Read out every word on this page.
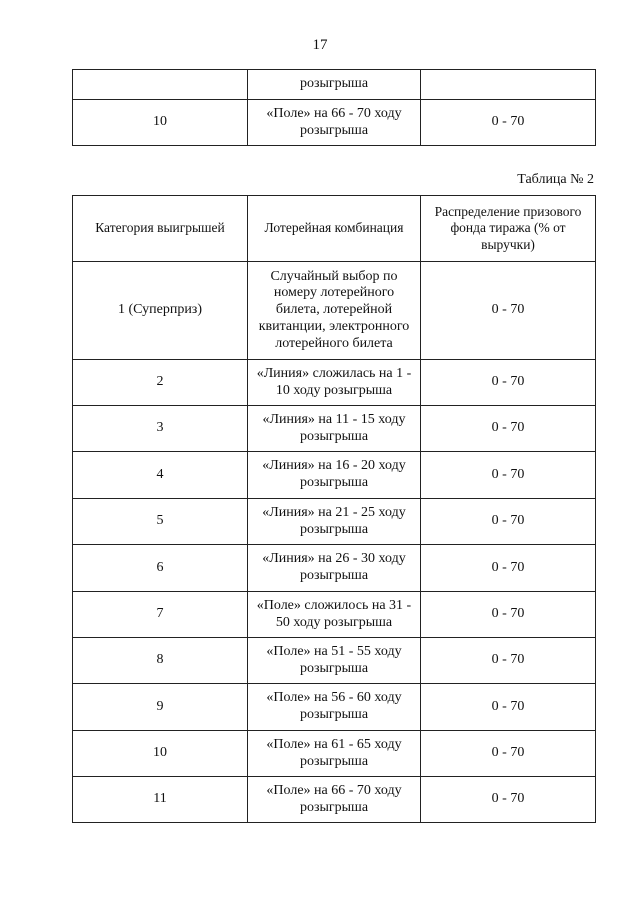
17
	розыгрыша	
10	«Поле» на 66 - 70 ходу розыгрыша	0 - 70
Таблица № 2
Категория выигрышей	Лотерейная комбинация	Распределение призового фонда тиража (% от выручки)
1 (Суперприз)	Случайный выбор по номеру лотерейного билета, лотерейной квитанции, электронного лотерейного билета	0 - 70
2	«Линия» сложилась на 1 - 10 ходу розыгрыша	0 - 70
3	«Линия» на 11 - 15 ходу розыгрыша	0 - 70
4	«Линия» на 16 - 20 ходу розыгрыша	0 - 70
5	«Линия» на 21 - 25 ходу розыгрыша	0 - 70
6	«Линия» на 26 - 30 ходу розыгрыша	0 - 70
7	«Поле» сложилось на 31 - 50 ходу розыгрыша	0 - 70
8	«Поле» на 51 - 55 ходу розыгрыша	0 - 70
9	«Поле» на 56 - 60 ходу розыгрыша	0 - 70
10	«Поле» на 61 - 65 ходу розыгрыша	0 - 70
11	«Поле» на 66 - 70 ходу розыгрыша	0 - 70
